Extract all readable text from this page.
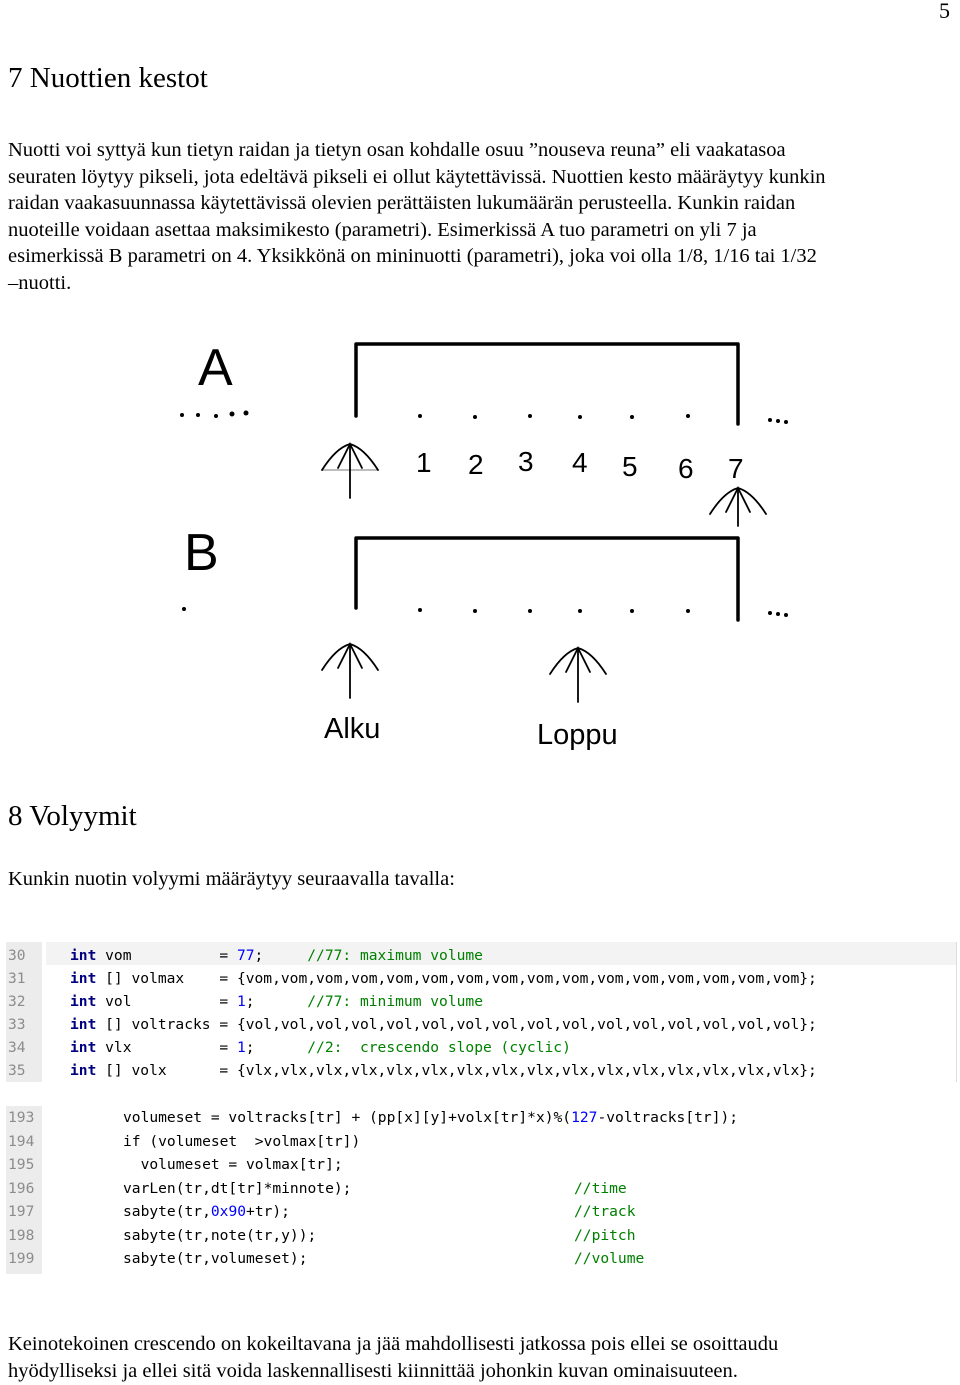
5
7 Nuottien kestot
Nuotti voi syttyä kun tietyn raidan ja tietyn osan kohdalle osuu ”nouseva reuna” eli vaakatasoa
seuraten löytyy pikseli, jota edeltävä pikseli ei ollut käytettävissä. Nuottien kesto määräytyy kunkin
raidan vaakasuunnassa käytettävissä olevien perättäisten lukumäärän perusteella. Kunkin raidan
nuoteille voidaan asettaa maksimikesto (parametri). Esimerkissä A tuo parametri on yli 7 ja
esimerkissä B parametri on 4. Yksikkönä on mininuotti (parametri), joka voi olla 1/8, 1/16 tai 1/32
–nuotti.
A
B
1 2 3 4 5 6 7
Alku	Loppu
8 Volyymit
Kunkin nuotin volyymi määräytyy seuraavalla tavalla:
30	int vom          = 77;     //77: maximum volume
31	int [] volmax    = {vom,vom,vom,vom,vom,vom,vom,vom,vom,vom,vom,vom,vom,vom,vom,vom};
32	int vol          = 1;      //77: minimum volume
33	int [] voltracks = {vol,vol,vol,vol,vol,vol,vol,vol,vol,vol,vol,vol,vol,vol,vol,vol};
34	int vlx          = 1;      //2:  crescendo slope (cyclic)
35	int [] volx      = {vlx,vlx,vlx,vlx,vlx,vlx,vlx,vlx,vlx,vlx,vlx,vlx,vlx,vlx,vlx,vlx};
193	volumeset = voltracks[tr] + (pp[x][y]+volx[tr]*x)%(127-voltracks[tr]);
194	if (volumeset  >volmax[tr])
195	volumeset = volmax[tr];
196	varLen(tr,dt[tr]*minnote);	//time
197	sabyte(tr,0x90+tr);	//track
198	sabyte(tr,note(tr,y));	//pitch
199	sabyte(tr,volumeset);	//volume
Keinotekoinen crescendo on kokeiltavana ja jää mahdollisesti jatkossa pois ellei se osoittaudu
hyödylliseksi ja ellei sitä voida laskennallisesti kiinnittää johonkin kuvan ominaisuuteen.
